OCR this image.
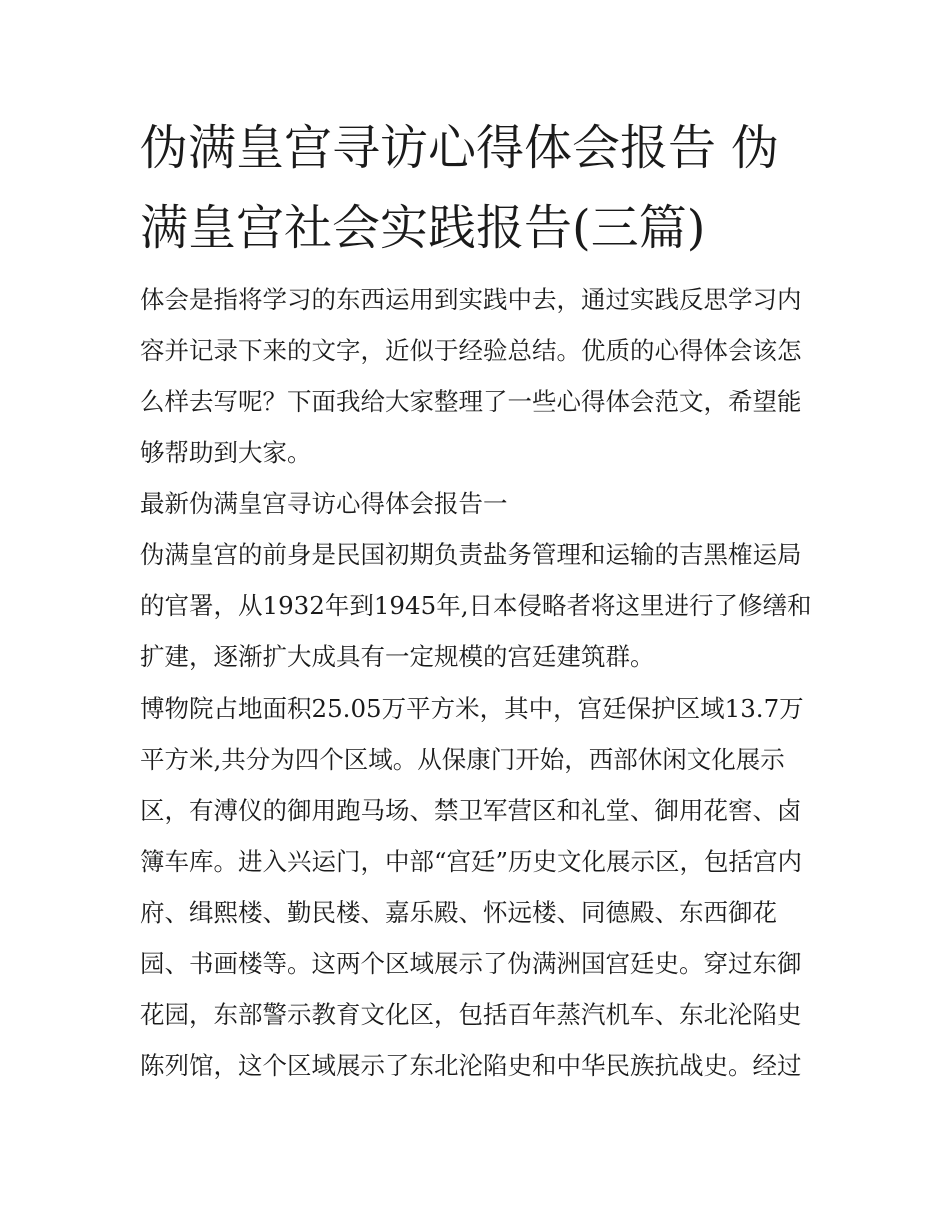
伪满皇宫寻访心得体会报告 伪
满皇宫社会实践报告(三篇)
体会是指将学习的东西运用到实践中去，通过实践反思学习内
容并记录下来的文字，近似于经验总结。优质的心得体会该怎
么样去写呢？下面我给大家整理了一些心得体会范文，希望能
够帮助到大家。
最新伪满皇宫寻访心得体会报告一
伪满皇宫的前身是民国初期负责盐务管理和运输的吉黑榷运局
的官署，从1932年到1945年,日本侵略者将这里进行了修缮和
扩建，逐渐扩大成具有一定规模的宫廷建筑群。
博物院占地面积25.05万平方米，其中，宫廷保护区域13.7万
平方米,共分为四个区域。从保康门开始，西部休闲文化展示
区，有溥仪的御用跑马场、禁卫军营区和礼堂、御用花窖、卤
簿车库。进入兴运门，中部“宫廷”历史文化展示区，包括宫内
府、缉熙楼、勤民楼、嘉乐殿、怀远楼、同德殿、东西御花
园、书画楼等。这两个区域展示了伪满洲国宫廷史。穿过东御
花园，东部警示教育文化区，包括百年蒸汽机车、东北沦陷史
陈列馆，这个区域展示了东北沦陷史和中华民族抗战史。经过
